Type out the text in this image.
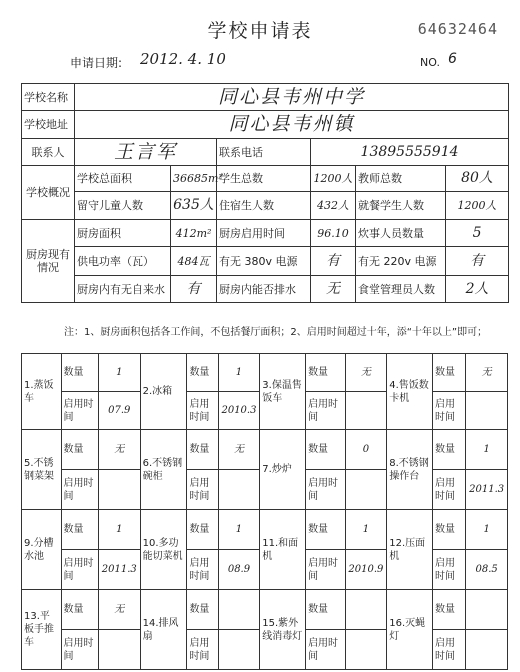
学校申请表	64632464
申请日期: 2012. 4. 10	NO. 6
学校名称	同心县韦州中学					
学校地址	同心县韦州镇					
联系人	王言军		联系电话	13895555914		
学校概况	学校总面积	36685m²	学生总数	1200人	教师总数	80人
	留守儿童人数	635人	住宿生人数	432人	就餐学生人数	1200人
厨房现有情况	厨房面积	412m²	厨房启用时间	96.10	炊事人员数量	5
	供电功率（瓦）	484瓦	有无 380v 电源	有	有无 220v 电源	有
	厨房内有无自来水	有	厨房内能否排水	无	食堂管理员人数	2人
注：1、厨房面积包括各工作间，不包括餐厅面积；2、启用时间超过十年，添“十年以上”即可；
1.蒸饭车	数量	1	2.冰箱	数量	1	3.保温售饭车	数量	无	4.售饭数卡机	数量	无
	启用时间	07.9		启用时间	2010.3		启用时间			启用时间	
5.不锈钢菜架	数量	无	6.不锈钢碗柜	数量	无	7.炒炉	数量	0	8.不锈钢操作台	数量	1
	启用时间			启用时间			启用时间			启用时间	2011.3
9.分槽水池	数量	1	10.多功能切菜机	数量	1	11.和面机	数量	1	12.压面机	数量	1
	启用时间	2011.3		启用时间	08.9		启用时间	2010.9		启用时间	08.5
13.平板手推车	数量	无	14.排风扇	数量		15.紫外线消毒灯	数量		16.灭蝇灯	数量	
	启用时间			启用时间			启用时间			启用时间	
